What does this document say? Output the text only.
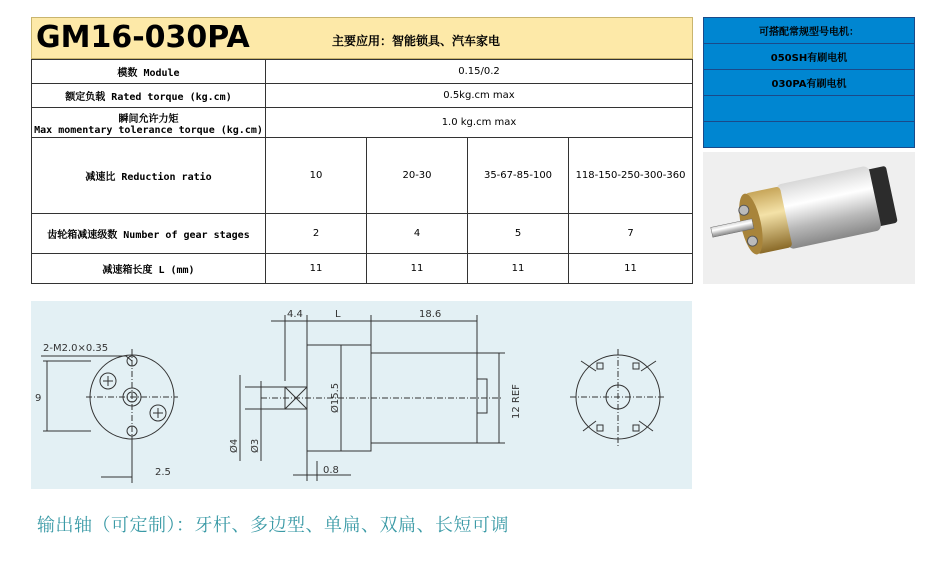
GM16-030PA	主要应用：智能锁具、汽车家电
模数 Module	0.15/0.2			
额定负载 Rated torque (kg.cm)	0.5kg.cm max			

瞬间允许力矩
Max momentary tolerance torque (kg.cm)	1.0 kg.cm max			
减速比 Reduction ratio	10	20-30	35-67-85-100	118-150-250-300-360
齿轮箱减速级数 Number of gear stages	2	4	5	7
减速箱长度 L (mm)	11	11	11	11
可搭配常规型号电机：
050SH有刷电机
030PA有刷电机

2-M2.0×0.35
9
2.5
4.4	L	18.6
Ø15.5	12 REF
Ø4 Ø3
0.8
输出轴（可定制）：牙杆、多边型、单扁、双扁、长短可调
